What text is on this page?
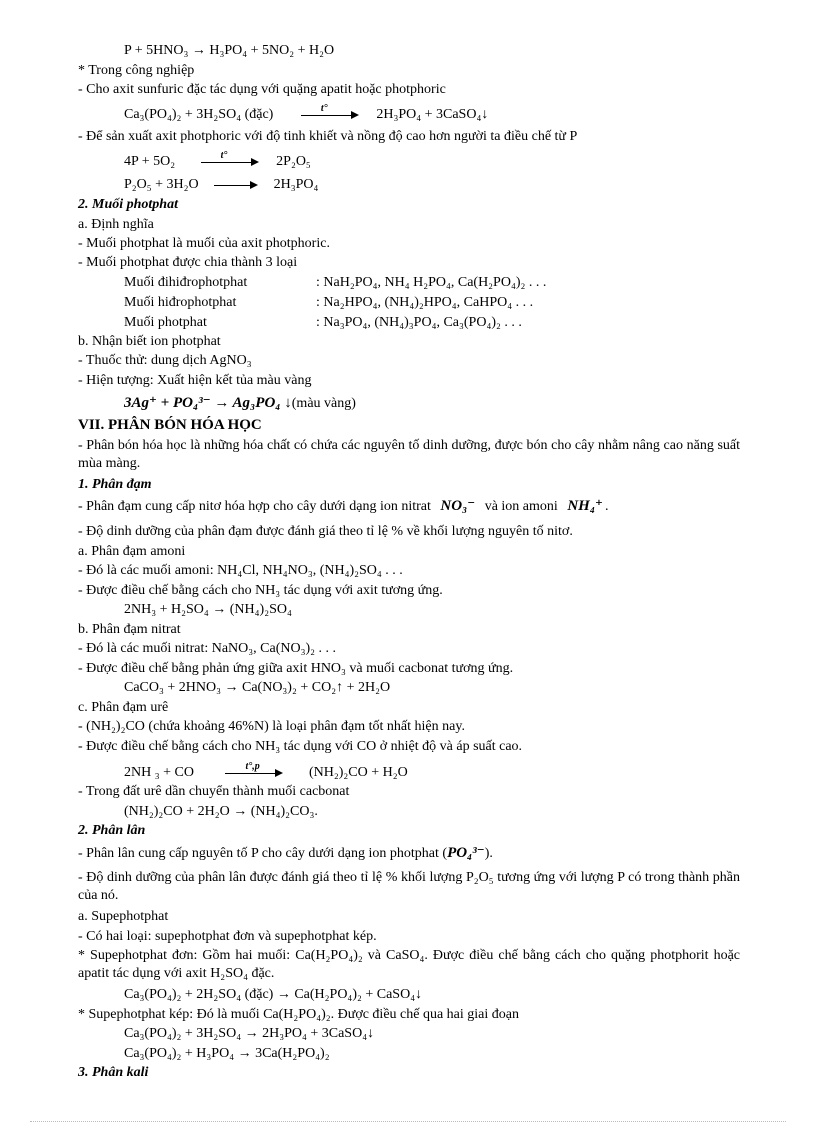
P + 5HNO₃ → H₃PO₄ + 5NO₂ + H₂O
* Trong công nghiệp
- Cho axit sunfuric đặc tác dụng với quặng apatit hoặc photphoric
Ca₃(PO₄)₂ + 3H₂SO₄ (đặc)	t°	2H₃PO₄ + 3CaSO₄↓
- Để sản xuất axit photphoric với độ tinh khiết và nồng độ cao hơn người ta điều chế từ P
4P + 5O₂	t°	2P₂O₅
P₂O₅ + 3H₂O	2H₃PO₄
2. Muối photphat
a. Định nghĩa
- Muối photphat là muối của axit photphoric.
- Muối photphat được chia thành 3 loại
Muối đihiđrophotphat	: NaH₂PO₄, NH₄ H₂PO₄, Ca(H₂PO₄)₂ . . .
Muối hiđrophotphat	: Na₂HPO₄, (NH₄)₂HPO₄, CaHPO₄ . . .
Muối photphat	: Na₃PO₄, (NH₄)₃PO₄, Ca₃(PO₄)₂ . . .
b. Nhận biết ion photphat
- Thuốc thử: dung dịch AgNO₃
- Hiện tượng: Xuất hiện kết tủa màu vàng
3Ag⁺ + PO₄³⁻ → Ag₃PO₄ ↓(màu vàng)
VII. PHÂN BÓN HÓA HỌC
- Phân bón hóa học là những hóa chất có chứa các nguyên tố dinh dưỡng, được bón cho cây nhằm nâng cao năng suất mùa màng.
1. Phân đạm
- Phân đạm cung cấp nitơ hóa hợp cho cây dưới dạng ion nitrat NO₃⁻ và ion amoni NH₄⁺ .
- Độ dinh dưỡng của phân đạm được đánh giá theo tỉ lệ % về khối lượng nguyên tố nitơ.
a. Phân đạm amoni
- Đó là các muối amoni: NH₄Cl, NH₄NO₃, (NH₄)₂SO₄ . . .
- Được điều chế bằng cách cho NH₃ tác dụng với axit tương ứng.
2NH₃ + H₂SO₄ → (NH₄)₂SO₄
b. Phân đạm nitrat
- Đó là các muối nitrat: NaNO₃, Ca(NO₃)₂ . . .
- Được điều chế bằng phản ứng giữa axit HNO₃ và muối cacbonat tương ứng.
CaCO₃ + 2HNO₃ → Ca(NO₃)₂ + CO₂↑ + 2H₂O
c. Phân đạm urê
- (NH₂)₂CO (chứa khoảng 46%N) là loại phân đạm tốt nhất hiện nay.
- Được điều chế bằng cách cho NH₃ tác dụng với CO ở nhiệt độ và áp suất cao.
2NH ₃ + CO	t°,p	(NH₂)₂CO + H₂O
- Trong đất urê dần chuyển thành muối cacbonat
(NH₂)₂CO + 2H₂O → (NH₄)₂CO₃.
2. Phân lân
- Phân lân cung cấp nguyên tố P cho cây dưới dạng ion photphat (PO₄³⁻).
- Độ dinh dưỡng của phân lân được đánh giá theo tỉ lệ % khối lượng P₂O₅ tương ứng với lượng P có trong thành phần của nó.
a. Supephotphat
- Có hai loại: supephotphat đơn và supephotphat kép.
* Supephotphat đơn: Gồm hai muối: Ca(H₂PO₄)₂ và CaSO₄. Được điều chế bằng cách cho quặng photphorit hoặc apatit tác dụng với axit H₂SO₄ đặc.
Ca₃(PO₄)₂ + 2H₂SO₄ (đặc) → Ca(H₂PO₄)₂ + CaSO₄↓
* Supephotphat kép: Đó là muối Ca(H₂PO₄)₂. Được điều chế qua hai giai đoạn
Ca₃(PO₄)₂ + 3H₂SO₄ → 2H₃PO₄ + 3CaSO₄↓
Ca₃(PO₄)₂ + H₃PO₄ → 3Ca(H₂PO₄)₂
3. Phân kali
